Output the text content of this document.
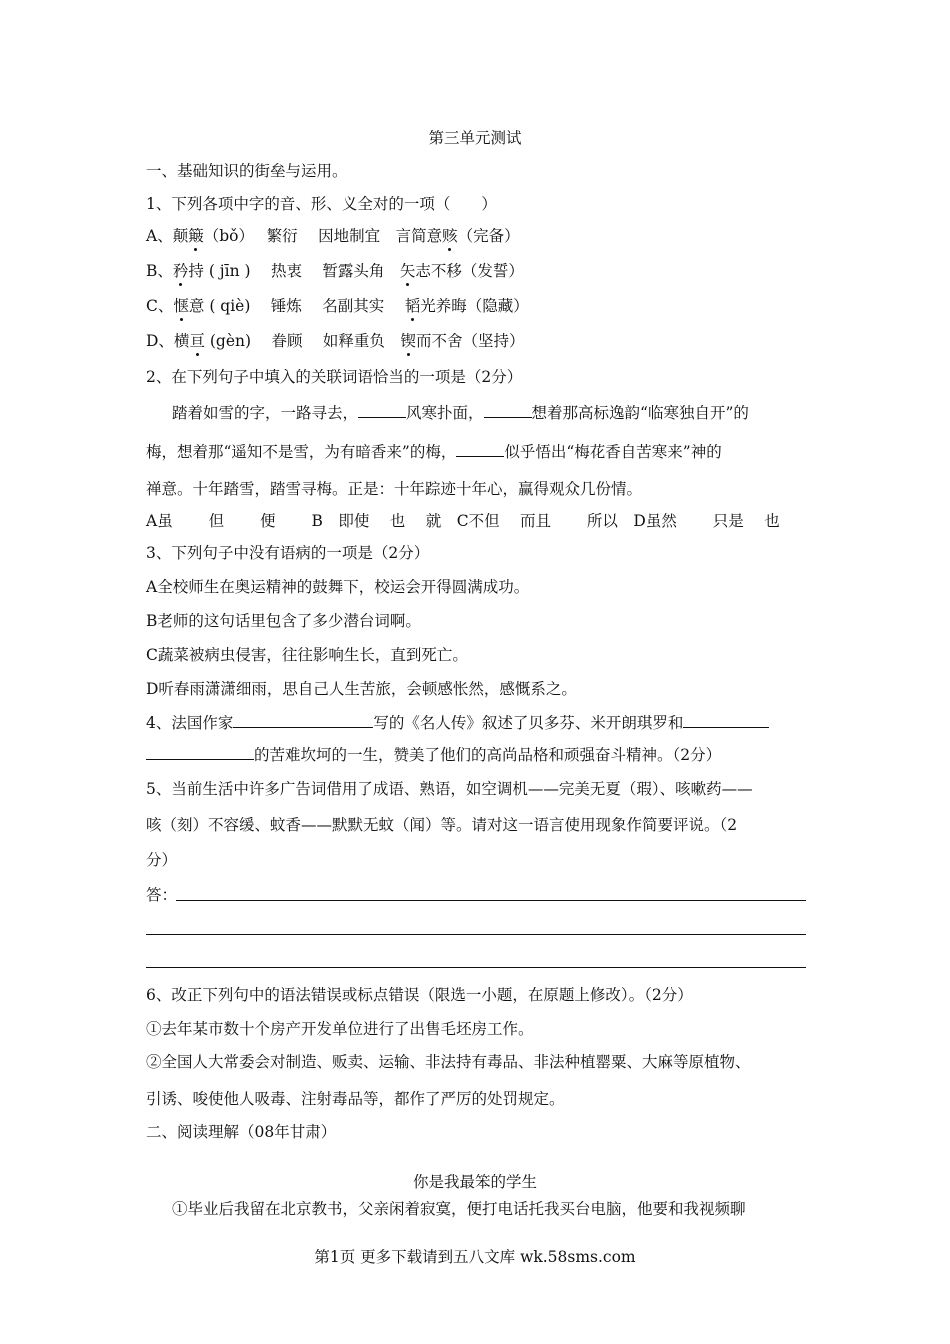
第三单元测试
一、基础知识的街垒与运用。
1、下列各项中字的音、形、义全对的一项（　　）
A、颠簸（bǒ）　 繁衍　 因地制宜　言简意赅（完备）
B、矜持 ( jīn )　 热衷　 暂露头角　矢志不移（发誓）
C、惬意 ( qiè)　 锤炼　 名副其实　 韬光养晦（隐藏）
D、横亘 (gèn)　 眷顾　 如释重负　锲而不舍（坚持）
2、在下列句子中填入的关联词语恰当的一项是（2分）
踏着如雪的字，一路寻去，	风寒扑面，	想着那高标逸韵“临寒独自开”的
梅，想着那“遥知不是雪，为有暗香来”的梅，	似乎悟出“梅花香自苦寒来”神的
禅意。十年踏雪，踏雪寻梅。正是：十年踪迹十年心，赢得观众几份情。
A虽　　 但　　 便　　 B　即使　 也　 就　C不但　 而且　　 所以　D虽然　　 只是　 也
3、下列句子中没有语病的一项是（2分）
A全校师生在奥运精神的鼓舞下，校运会开得圆满成功。
B老师的这句话里包含了多少潜台词啊。
C蔬菜被病虫侵害，往往影响生长，直到死亡。
D听春雨潇潇细雨，思自己人生苦旅，会顿感怅然，感慨系之。
4、法国作家	写的《名人传》叙述了贝多芬、米开朗琪罗和
的苦难坎坷的一生，赞美了他们的高尚品格和顽强奋斗精神。（2分）
5、当前生活中许多广告词借用了成语、熟语，如空调机——完美无夏（瑕）、咳嗽药——
咳（刻）不容缓、蚊香——默默无蚊（闻）等。请对这一语言使用现象作简要评说。（2
分）
答：
6、改正下列句中的语法错误或标点错误（限选一小题，在原题上修改）。（2分）
①去年某市数十个房产开发单位进行了出售毛坯房工作。
②全国人大常委会对制造、贩卖、运输、非法持有毒品、非法种植罂粟、大麻等原植物、
引诱、唆使他人吸毒、注射毒品等，都作了严厉的处罚规定。
二、阅读理解（08年甘肃）
你是我最笨的学生
①毕业后我留在北京教书，父亲闲着寂寞，便打电话托我买台电脑，他要和我视频聊
第1页 更多下载请到五八文库 wk.58sms.com
